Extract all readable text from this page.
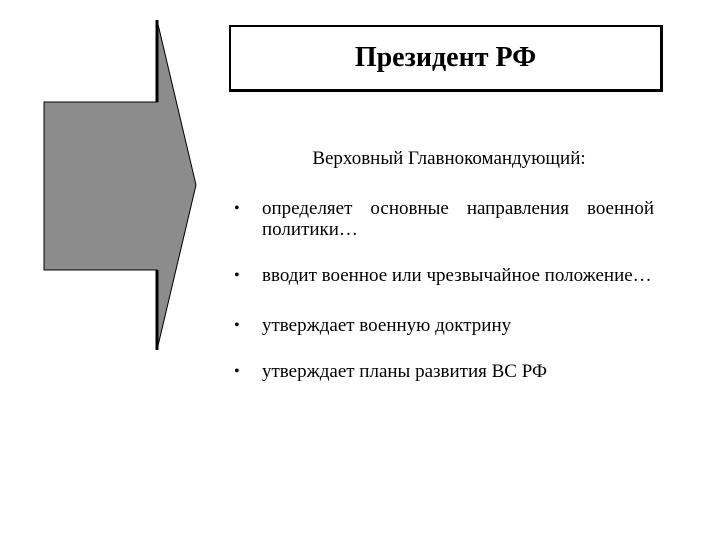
Президент РФ
Верховный Главнокомандующий:
• определяет основные направления военной политики…
• вводит военное или чрезвычайное положение…
• утверждает военную доктрину
• утверждает планы развития ВС РФ
